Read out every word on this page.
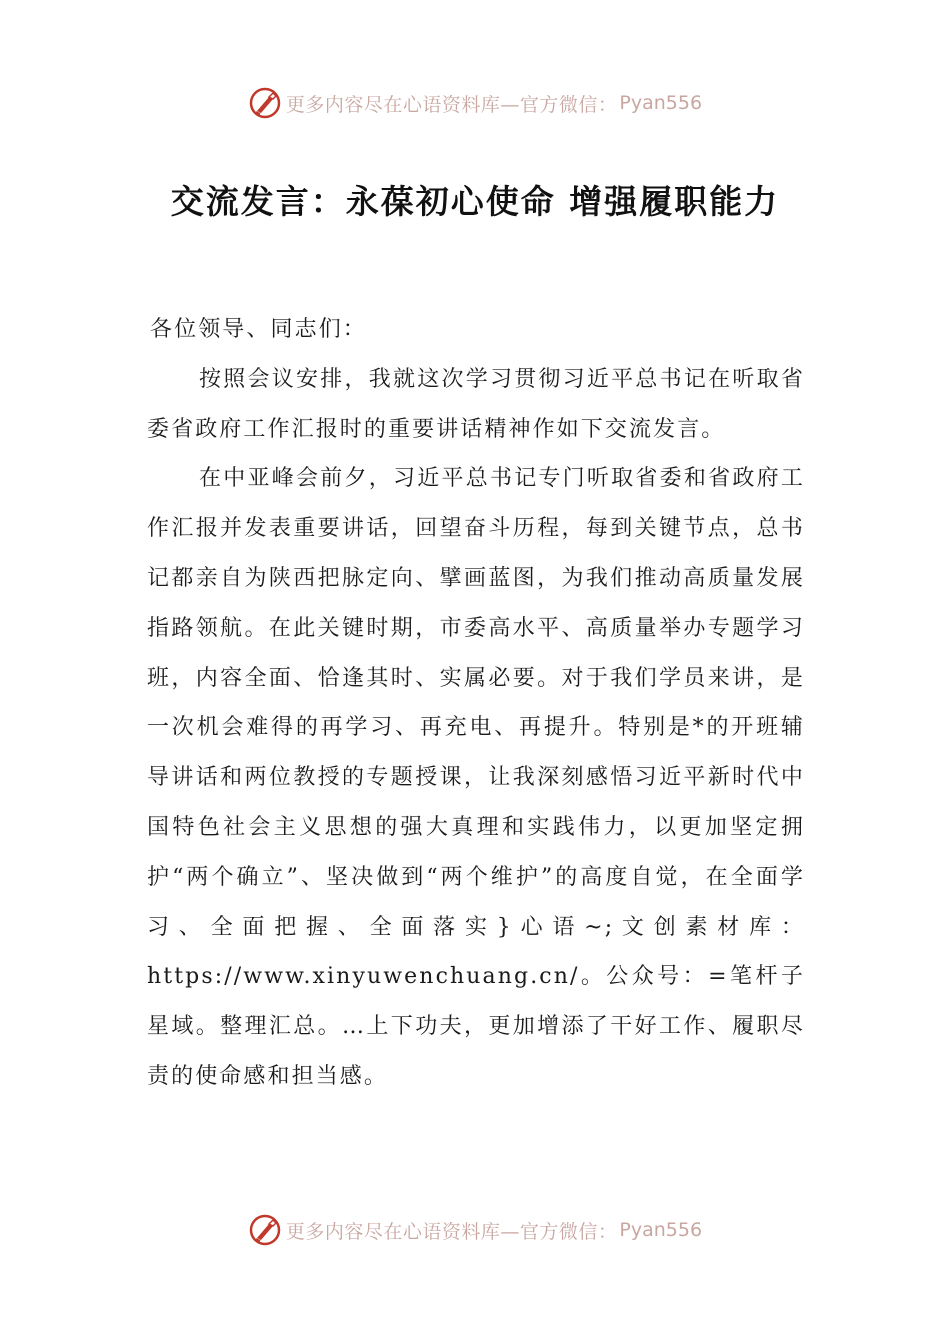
更多内容尽在心语资料库—官方微信： Pyan556
交流发言：永葆初心使命 增强履职能力

各位领导、同志们：

按照会议安排，我就这次学习贯彻习近平总书记在听取省委省政府工作汇报时的重要讲话精神作如下交流发言。

在中亚峰会前夕，习近平总书记专门听取省委和省政府工作汇报并发表重要讲话，回望奋斗历程，每到关键节点，总书记都亲自为陕西把脉定向、擘画蓝图，为我们推动高质量发展指路领航。在此关键时期，市委高水平、高质量举办专题学习班，内容全面、恰逢其时、实属必要。对于我们学员来讲，是一次机会难得的再学习、再充电、再提升。特别是*的开班辅导讲话和两位教授的专题授课，让我深刻感悟习近平新时代中国特色社会主义思想的强大真理和实践伟力，以更加坚定拥护“两个确立”、坚决做到“两个维护”的高度自觉，在全面学习、全面把握、全面落实}心语~;文创素材库：https://www.xinyuwenchuang.cn/。公众号：=笔杆子星域。整理汇总。…上下功夫，更加增添了干好工作、履职尽责的使命感和担当感。

更多内容尽在心语资料库—官方微信： Pyan556
